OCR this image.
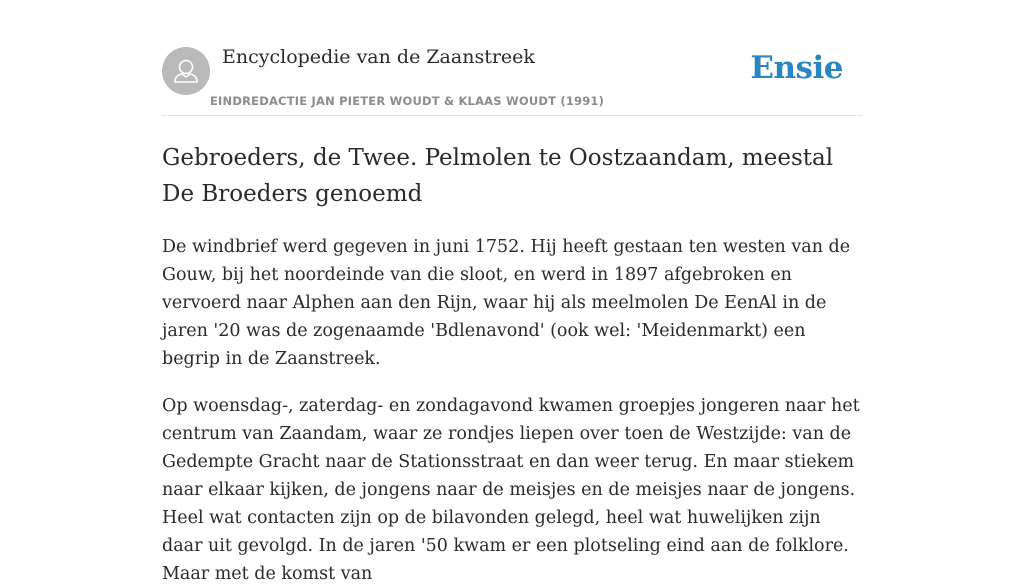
Encyclopedie van de Zaanstreek
EINDREDACTIE JAN PIETER WOUDT & KLAAS WOUDT (1991)
Ensie
Gebroeders, de Twee. Pelmolen te Oostzaandam, meestal De Broeders genoemd

De windbrief werd gegeven in juni 1752. Hij heeft gestaan ten westen van de Gouw, bij het noordeinde van die sloot, en werd in 1897 afgebroken en vervoerd naar Alphen aan den Rijn, waar hij als meelmolen De EenAl in de jaren '20 was de zogenaamde 'Bdlenavond' (ook wel: 'Meidenmarkt) een begrip in de Zaanstreek.

Op woensdag-, zaterdag- en zondagavond kwamen groepjes jongeren naar het centrum van Zaandam, waar ze rondjes liepen over toen de Westzijde: van de Gedempte Gracht naar de Stationsstraat en dan weer terug. En maar stiekem naar elkaar kijken, de jongens naar de meisjes en de meisjes naar de jongens. Heel wat contacten zijn op de bilavonden gelegd, heel wat huwelijken zijn daar uit gevolgd. In de jaren '50 kwam er een plotseling eind aan de folklore. Maar met de komst van
